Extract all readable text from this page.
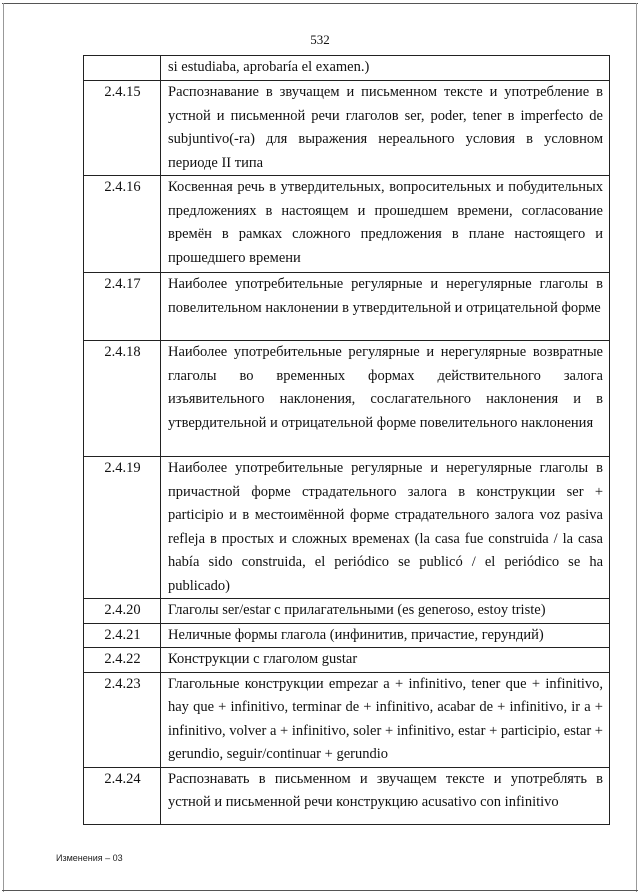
532
	si estudiaba, aprobaría el examen.)
2.4.15	Распознавание в звучащем и письменном тексте и употребление в устной и письменной речи глаголов ser, poder, tener в imperfecto de subjuntivo(-ra) для выражения нереального условия в условном периоде II типа
2.4.16	Косвенная речь в утвердительных, вопросительных и побудительных предложениях в настоящем и прошедшем времени, согласование времён в рамках сложного предложения в плане настоящего и прошедшего времени
2.4.17	Наиболее употребительные регулярные и нерегулярные глаголы в повелительном наклонении в утвердительной и отрицательной форме
2.4.18	Наиболее употребительные регулярные и нерегулярные возвратные глаголы во временных формах действительного залога изъявительного наклонения, сослагательного наклонения и в утвердительной и отрицательной форме повелительного наклонения
2.4.19	Наиболее употребительные регулярные и нерегулярные глаголы в причастной форме страдательного залога в конструкции ser + participio и в местоимённой форме страдательного залога voz pasiva refleja в простых и сложных временах (la casa fue construida / la casa había sido construida, el periódico se publicó / el periódico se ha publicado)
2.4.20	Глаголы ser/estar с прилагательными (es generoso, estoy triste)
2.4.21	Неличные формы глагола (инфинитив, причастие, герундий)
2.4.22	Конструкции с глаголом gustar
2.4.23	Глагольные конструкции empezar a + infinitivo, tener que + infinitivo, hay que + infinitivo, terminar de + infinitivo, acabar de + infinitivo, ir a + infinitivo, volver a + infinitivo, soler + infinitivo, estar + participio, estar + gerundio, seguir/continuar + gerundio
2.4.24	Распознавать в письменном и звучащем тексте и употреблять в устной и письменной речи конструкцию acusativo con infinitivo
Изменения – 03
